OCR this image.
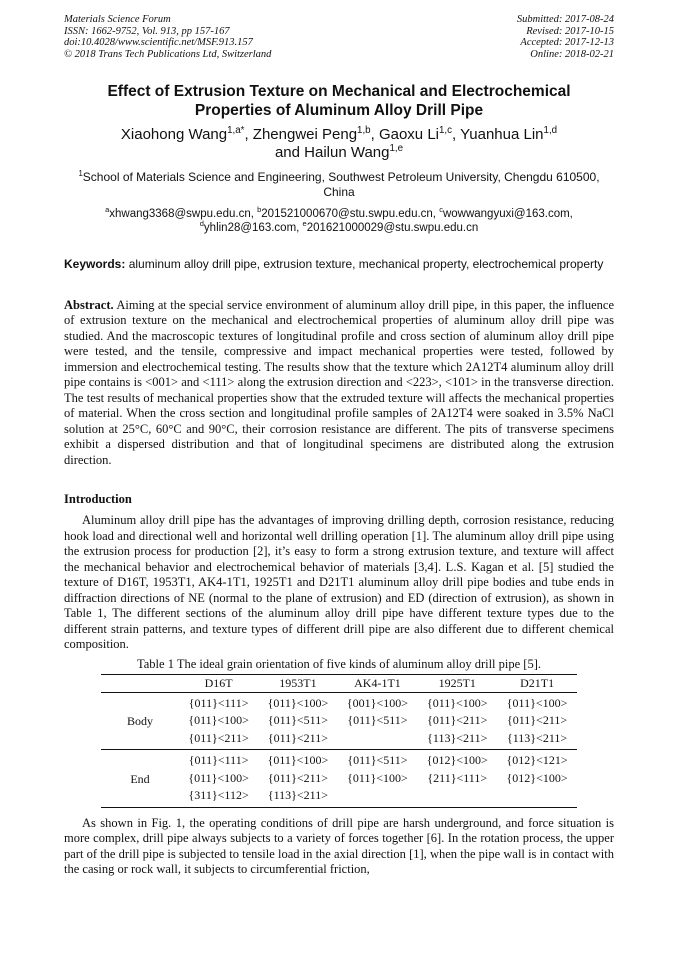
Materials Science Forum
ISSN: 1662-9752, Vol. 913, pp 157-167
doi:10.4028/www.scientific.net/MSF.913.157
© 2018 Trans Tech Publications Ltd, Switzerland
Submitted: 2017-08-24
Revised: 2017-10-15
Accepted: 2017-12-13
Online: 2018-02-21
Effect of Extrusion Texture on Mechanical and Electrochemical
Properties of Aluminum Alloy Drill Pipe
Xiaohong Wang$^{1,a*}$, Zhengwei Peng$^{1,b}$, Gaoxu Li$^{1,c}$, Yuanhua Lin$^{1,d}$
and Hailun Wang$^{1,e}$
$^1$School of Materials Science and Engineering, Southwest Petroleum University, Chengdu 610500, China
$^a$xhwang3368@swpu.edu.cn, $^b$201521000670@stu.swpu.edu.cn, $^c$wowwangyuxi@163.com, $^d$yhlin28@163.com, $^e$201621000029@stu.swpu.edu.cn
Keywords: aluminum alloy drill pipe, extrusion texture, mechanical property, electrochemical property
Abstract. Aiming at the special service environment of aluminum alloy drill pipe, in this paper, the influence of extrusion texture on the mechanical and electrochemical properties of aluminum alloy drill pipe was studied. And the macroscopic textures of longitudinal profile and cross section of aluminum alloy drill pipe were tested, and the tensile, compressive and impact mechanical properties were tested, followed by immersion and electrochemical testing. The results show that the texture which 2A12T4 aluminum alloy drill pipe contains is <001> and <111> along the extrusion direction and <223>, <101> in the transverse direction. The test results of mechanical properties show that the extruded texture will affects the mechanical properties of material. When the cross section and longitudinal profile samples of 2A12T4 were soaked in 3.5% NaCl solution at 25°C, 60°C and 90°C, their corrosion resistance are different. The pits of transverse specimens exhibit a dispersed distribution and that of longitudinal specimens are distributed along the extrusion direction.
Introduction

Aluminum alloy drill pipe has the advantages of improving drilling depth, corrosion resistance, reducing hook load and directional well and horizontal well drilling operation [1]. The aluminum alloy drill pipe using the extrusion process for production [2], it’s easy to form a strong extrusion texture, and texture will affect the mechanical behavior and electrochemical behavior of materials [3,4]. L.S. Kagan et al. [5] studied the texture of D16T, 1953T1, AK4-1T1, 1925T1 and D21T1 aluminum alloy drill pipe bodies and tube ends in diffraction directions of NE (normal to the plane of extrusion) and ED (direction of extrusion), as shown in Table 1, The different sections of the aluminum alloy drill pipe have different texture types due to the different strain patterns, and texture types of different drill pipe are also different due to different chemical composition.

Table 1 The ideal grain orientation of five kinds of aluminum alloy drill pipe [5].
	D16T	1953T1	AK4-1T1	1925T1	D21T1
Body	{011}<111>	{011}<100>	{001}<100>	{011}<100>	{011}<100>
	{011}<100>	{011}<511>	{011}<511>	{011}<211>	{011}<211>
	{011}<211>	{011}<211>		{113}<211>	{113}<211>
End	{011}<111>	{011}<100>	{011}<511>	{012}<100>	{012}<121>
	{011}<100>	{011}<211>	{011}<100>	{211}<111>	{012}<100>
	{311}<112>	{113}<211>			

As shown in Fig. 1, the operating conditions of drill pipe are harsh underground, and force situation is more complex, drill pipe always subjects to a variety of forces together [6]. In the rotation process, the upper part of the drill pipe is subjected to tensile load in the axial direction [1], when the pipe wall is in contact with the casing or rock wall, it subjects to circumferential friction,
